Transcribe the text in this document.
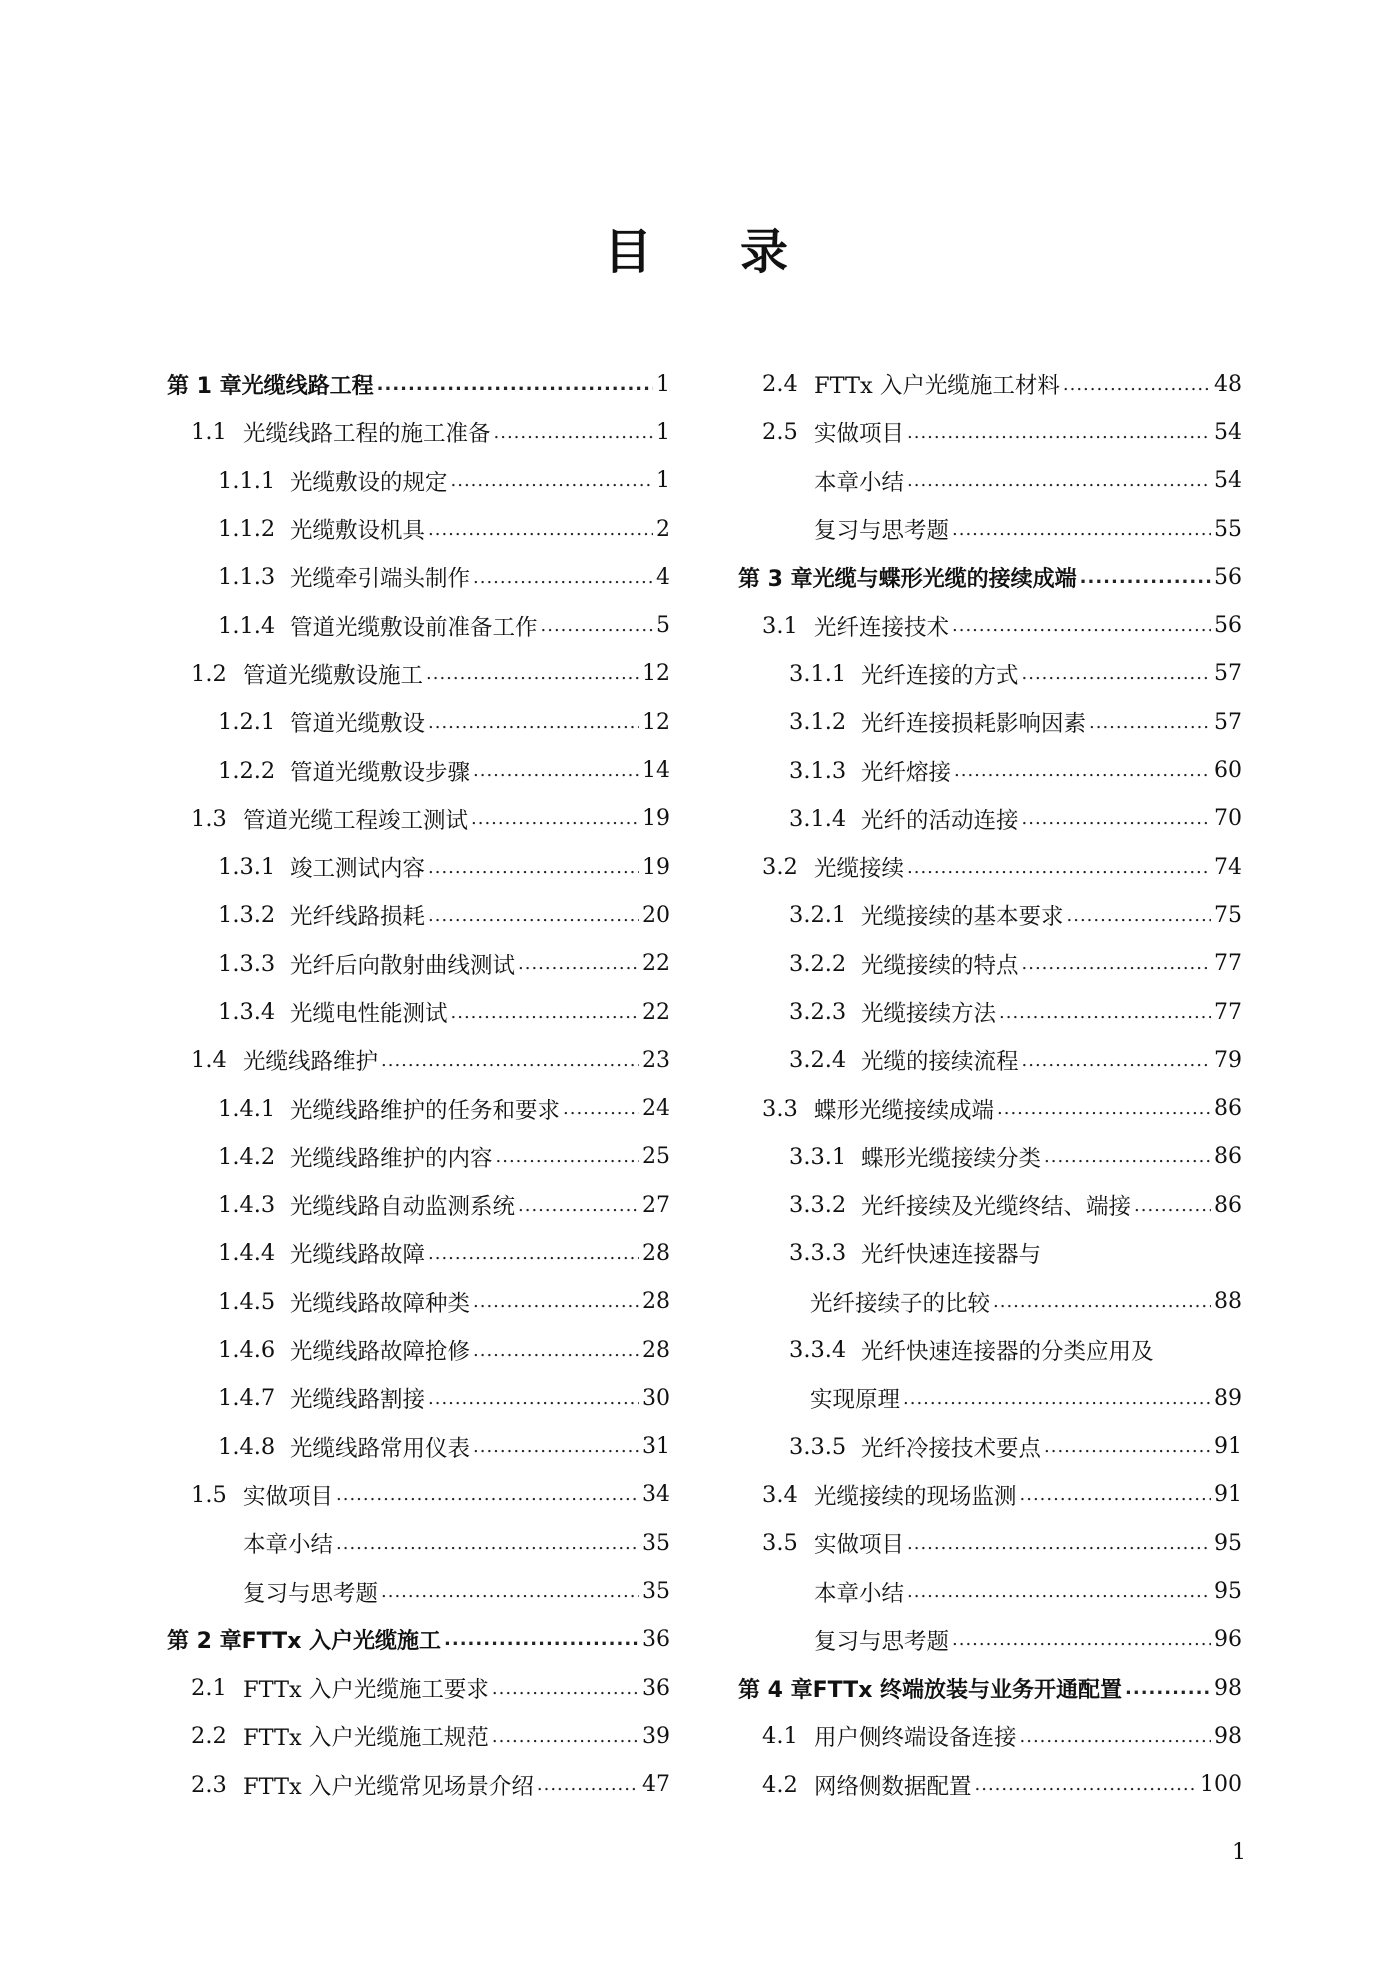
目 录
第 1 章 光缆线路工程 .....	1
1.1 光缆线路工程的施工准备 .....	1
1.1.1 光缆敷设的规定 .....	1
1.1.2 光缆敷设机具 .....	2
1.1.3 光缆牵引端头制作 .....	4
1.1.4 管道光缆敷设前准备工作 .....	5
1.2 管道光缆敷设施工 .....	12
1.2.1 管道光缆敷设 .....	12
1.2.2 管道光缆敷设步骤 .....	14
1.3 管道光缆工程竣工测试 .....	19
1.3.1 竣工测试内容 .....	19
1.3.2 光纤线路损耗 .....	20
1.3.3 光纤后向散射曲线测试 .....	22
1.3.4 光缆电性能测试 .....	22
1.4 光缆线路维护 .....	23
1.4.1 光缆线路维护的任务和要求 .....	24
1.4.2 光缆线路维护的内容 .....	25
1.4.3 光缆线路自动监测系统 .....	27
1.4.4 光缆线路故障 .....	28
1.4.5 光缆线路故障种类 .....	28
1.4.6 光缆线路故障抢修 .....	28
1.4.7 光缆线路割接 .....	30
1.4.8 光缆线路常用仪表 .....	31
1.5 实做项目 .....	34
本章小结 .....	35
复习与思考题 .....	35
第 2 章 FTTx 入户光缆施工 .....	36
2.1 FTTx 入户光缆施工要求 .....	36
2.2 FTTx 入户光缆施工规范 .....	39
2.3 FTTx 入户光缆常见场景介绍 .....	47
2.4 FTTx 入户光缆施工材料 .....	48
2.5 实做项目 .....	54
本章小结 .....	54
复习与思考题 .....	55
第 3 章 光缆与蝶形光缆的接续成端 .....	56
3.1 光纤连接技术 .....	56
3.1.1 光纤连接的方式 .....	57
3.1.2 光纤连接损耗影响因素 .....	57
3.1.3 光纤熔接 .....	60
3.1.4 光纤的活动连接 .....	70
3.2 光缆接续 .....	74
3.2.1 光缆接续的基本要求 .....	75
3.2.2 光缆接续的特点 .....	77
3.2.3 光缆接续方法 .....	77
3.2.4 光缆的接续流程 .....	79
3.3 蝶形光缆接续成端 .....	86
3.3.1 蝶形光缆接续分类 .....	86
3.3.2 光纤接续及光缆终结、端接 .....	86
3.3.3 光纤快速连接器与
光纤接续子的比较 .....	88
3.3.4 光纤快速连接器的分类应用及
实现原理 .....	89
3.3.5 光纤冷接技术要点 .....	91
3.4 光缆接续的现场监测 .....	91
3.5 实做项目 .....	95
本章小结 .....	95
复习与思考题 .....	96
第 4 章 FTTx 终端放装与业务开通配置 .....	98
4.1 用户侧终端设备连接 .....	98
4.2 网络侧数据配置 .....	100
1
